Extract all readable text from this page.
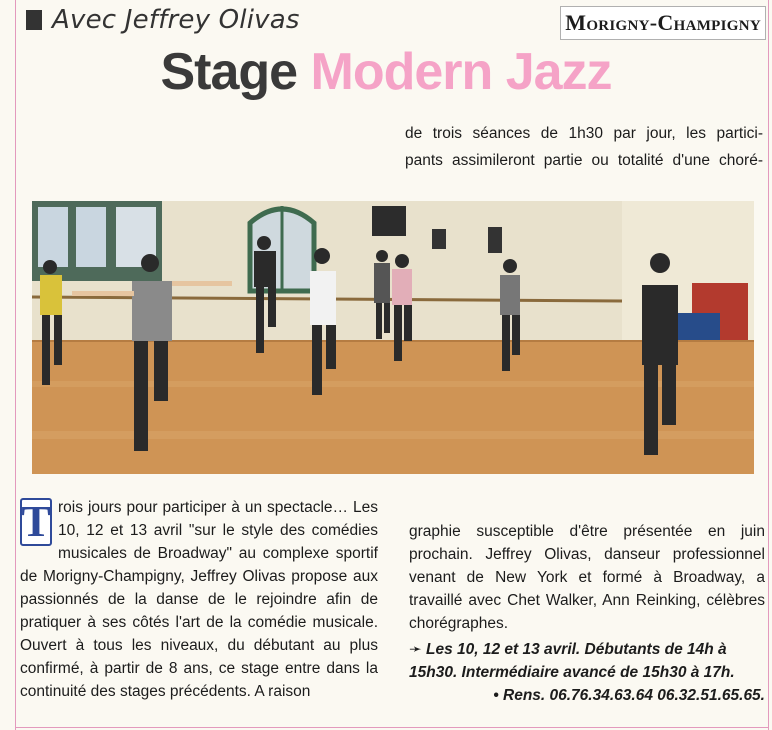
Avec Jeffrey Olivas	Morigny-Champigny
Stage Modern Jazz

de trois séances de 1h30 par jour, les partici-

pants assimileront partie ou totalité d'une choré-

T rois jours pour participer à un spectacle… Les 10, 12 et 13 avril "sur le style des comédies musicales de Broadway" au complexe sportif de Morigny-Champigny, Jeffrey Olivas propose aux passionnés de la danse de le rejoindre afin de pratiquer à ses côtés l'art de la comédie musicale. Ouvert à tous les niveaux, du débutant au plus confirmé, à partir de 8 ans, ce stage entre dans la continuité des stages précédents. A raison

graphie susceptible d'être présentée en juin prochain. Jeffrey Olivas, danseur professionnel venant de New York et formé à Broadway, a travaillé avec Chet Walker, Ann Reinking, célèbres chorégraphes.

➛ Les 10, 12 et 13 avril. Débutants de 14h à 15h30. Intermédiaire avancé de 15h30 à 17h.

• Rens. 06.76.34.63.64 06.32.51.65.65.
